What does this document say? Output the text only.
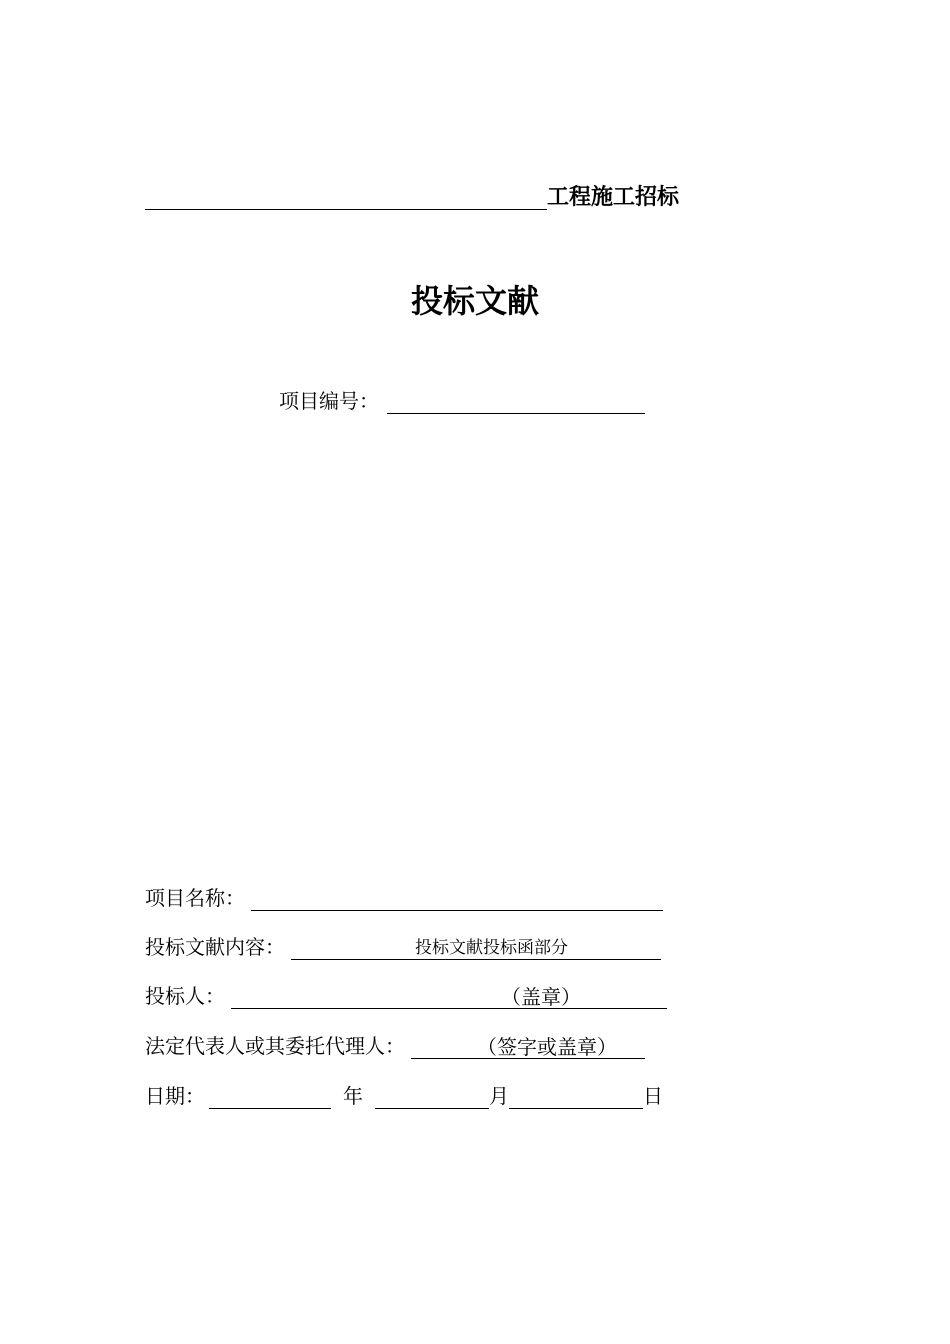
工程施工招标
投标文献
项目编号：
项目名称：
投标文献内容：	投标文献投标函部分
投标人：	（盖章）
法定代表人或其委托代理人：	（签字或盖章）
日期：	年	月	日
